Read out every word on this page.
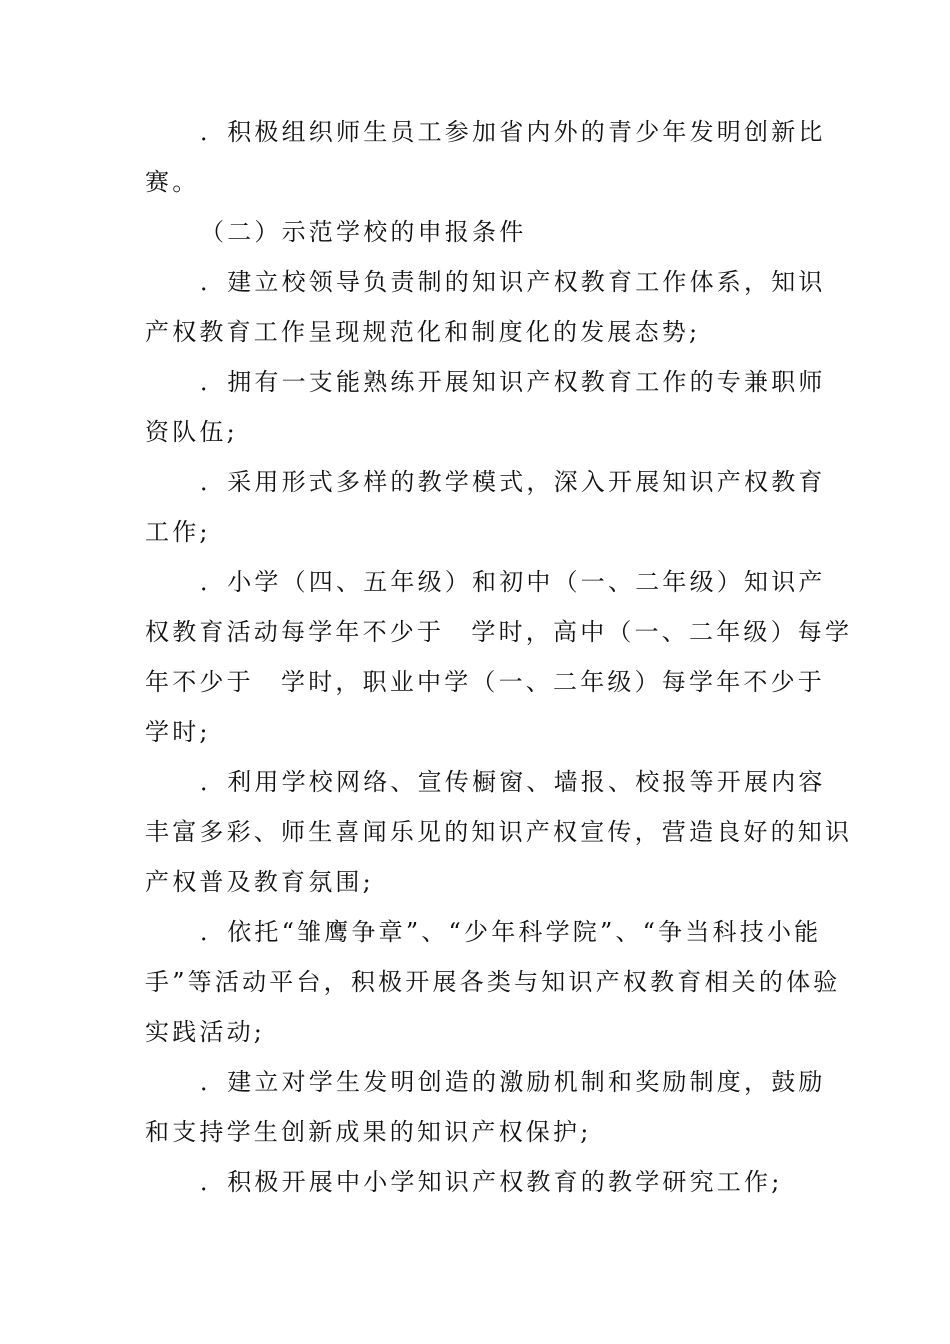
．积极组织师生员工参加省内外的青少年发明创新比
赛。
（二）示范学校的申报条件
．建立校领导负责制的知识产权教育工作体系，知识
产权教育工作呈现规范化和制度化的发展态势;
．拥有一支能熟练开展知识产权教育工作的专兼职师
资队伍;
．采用形式多样的教学模式，深入开展知识产权教育
工作;
．小学（四、五年级）和初中（一、二年级）知识产
权教育活动每学年不少于　学时，高中（一、二年级）每学
年不少于　学时，职业中学（一、二年级）每学年不少于
学时;
．利用学校网络、宣传橱窗、墙报、校报等开展内容
丰富多彩、师生喜闻乐见的知识产权宣传，营造良好的知识
产权普及教育氛围;
．依托“雏鹰争章”、“少年科学院”、“争当科技小能
手”等活动平台，积极开展各类与知识产权教育相关的体验
实践活动;
．建立对学生发明创造的激励机制和奖励制度，鼓励
和支持学生创新成果的知识产权保护;
．积极开展中小学知识产权教育的教学研究工作;
